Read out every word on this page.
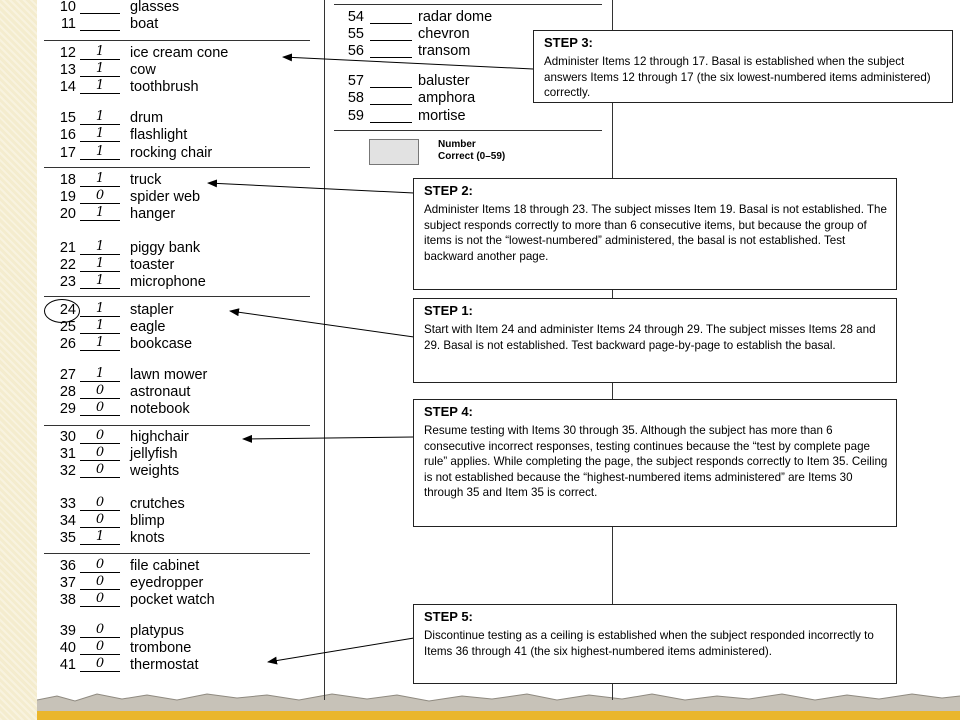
10	glasses
11	boat
12	1	ice cream cone
13	1	cow
14	1	toothbrush
15	1	drum
16	1	flashlight
17	1	rocking chair
18	1	truck
19	0	spider web
20	1	hanger
21	1	piggy bank
22	1	toaster
23	1	microphone
24	1	stapler
25	1	eagle
26	1	bookcase
27	1	lawn mower
28	0	astronaut
29	0	notebook
30	0	highchair
31	0	jellyfish
32	0	weights
33	0	crutches
34	0	blimp
35	1	knots
36	0	file cabinet
37	0	eyedropper
38	0	pocket watch
39	0	platypus
40	0	trombone
41	0	thermostat
54	radar dome
55	chevron
56	transom
57	baluster
58	amphora
59	mortise
Number
Correct (0–59)
STEP 3:
Administer Items 12 through 17. Basal is established when the subject answers Items 12 through 17 (the six lowest-numbered items administered) correctly.
STEP 2:
Administer Items 18 through 23. The subject misses Item 19. Basal is not established. The subject responds correctly to more than 6 consecutive items, but because the group of items is not the “lowest-numbered” administered, the basal is not established. Test backward another page.
STEP 1:
Start with Item 24 and administer Items 24 through 29. The subject misses Items 28 and 29. Basal is not established. Test backward page-by-page to establish the basal.
STEP 4:
Resume testing with Items 30 through 35. Although the subject has more than 6 consecutive incorrect responses, testing continues because the “test by complete page rule” applies. While completing the page, the subject responds correctly to Item 35. Ceiling is not established because the “highest-numbered items administered” are Items 30 through 35 and Item 35 is correct.
STEP 5:
Discontinue testing as a ceiling is established when the subject responded incorrectly to Items 36 through 41 (the six highest-numbered items administered).
